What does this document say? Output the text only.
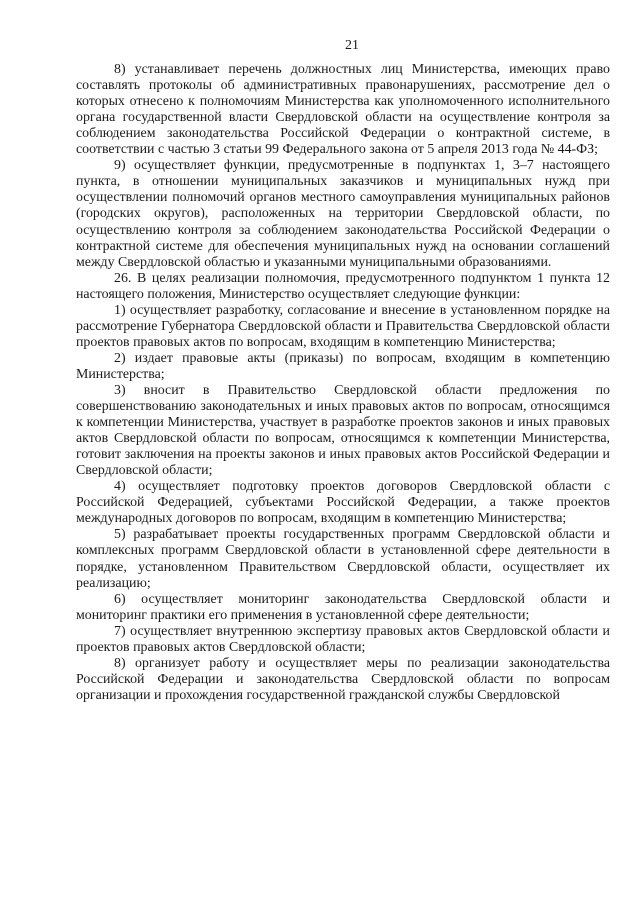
21

8) устанавливает перечень должностных лиц Министерства, имеющих право составлять протоколы об административных правонарушениях, рассмотрение дел о которых отнесено к полномочиям Министерства как уполномоченного исполнительного органа государственной власти Свердловской области на осуществление контроля за соблюдением законодательства Российской Федерации о контрактной системе, в соответствии с частью 3 статьи 99 Федерального закона от 5 апреля 2013 года № 44-ФЗ;

9) осуществляет функции, предусмотренные в подпунктах 1, 3–7 настоящего пункта, в отношении муниципальных заказчиков и муниципальных нужд при осуществлении полномочий органов местного самоуправления муниципальных районов (городских округов), расположенных на территории Свердловской области, по осуществлению контроля за соблюдением законодательства Российской Федерации о контрактной системе для обеспечения муниципальных нужд на основании соглашений между Свердловской областью и указанными муниципальными образованиями.

26. В целях реализации полномочия, предусмотренного подпунктом 1 пункта 12 настоящего положения, Министерство осуществляет следующие функции:

1) осуществляет разработку, согласование и внесение в установленном порядке на рассмотрение Губернатора Свердловской области и Правительства Свердловской области проектов правовых актов по вопросам, входящим в компетенцию Министерства;

2) издает правовые акты (приказы) по вопросам, входящим в компетенцию Министерства;

3) вносит в Правительство Свердловской области предложения по совершенствованию законодательных и иных правовых актов по вопросам, относящимся к компетенции Министерства, участвует в разработке проектов законов и иных правовых актов Свердловской области по вопросам, относящимся к компетенции Министерства, готовит заключения на проекты законов и иных правовых актов Российской Федерации и Свердловской области;

4) осуществляет подготовку проектов договоров Свердловской области с Российской Федерацией, субъектами Российской Федерации, а также проектов международных договоров по вопросам, входящим в компетенцию Министерства;

5) разрабатывает проекты государственных программ Свердловской области и комплексных программ Свердловской области в установленной сфере деятельности в порядке, установленном Правительством Свердловской области, осуществляет их реализацию;

6) осуществляет мониторинг законодательства Свердловской области и мониторинг практики его применения в установленной сфере деятельности;

7) осуществляет внутреннюю экспертизу правовых актов Свердловской области и проектов правовых актов Свердловской области;

8) организует работу и осуществляет меры по реализации законодательства Российской Федерации и законодательства Свердловской области по вопросам организации и прохождения государственной гражданской службы Свердловской
